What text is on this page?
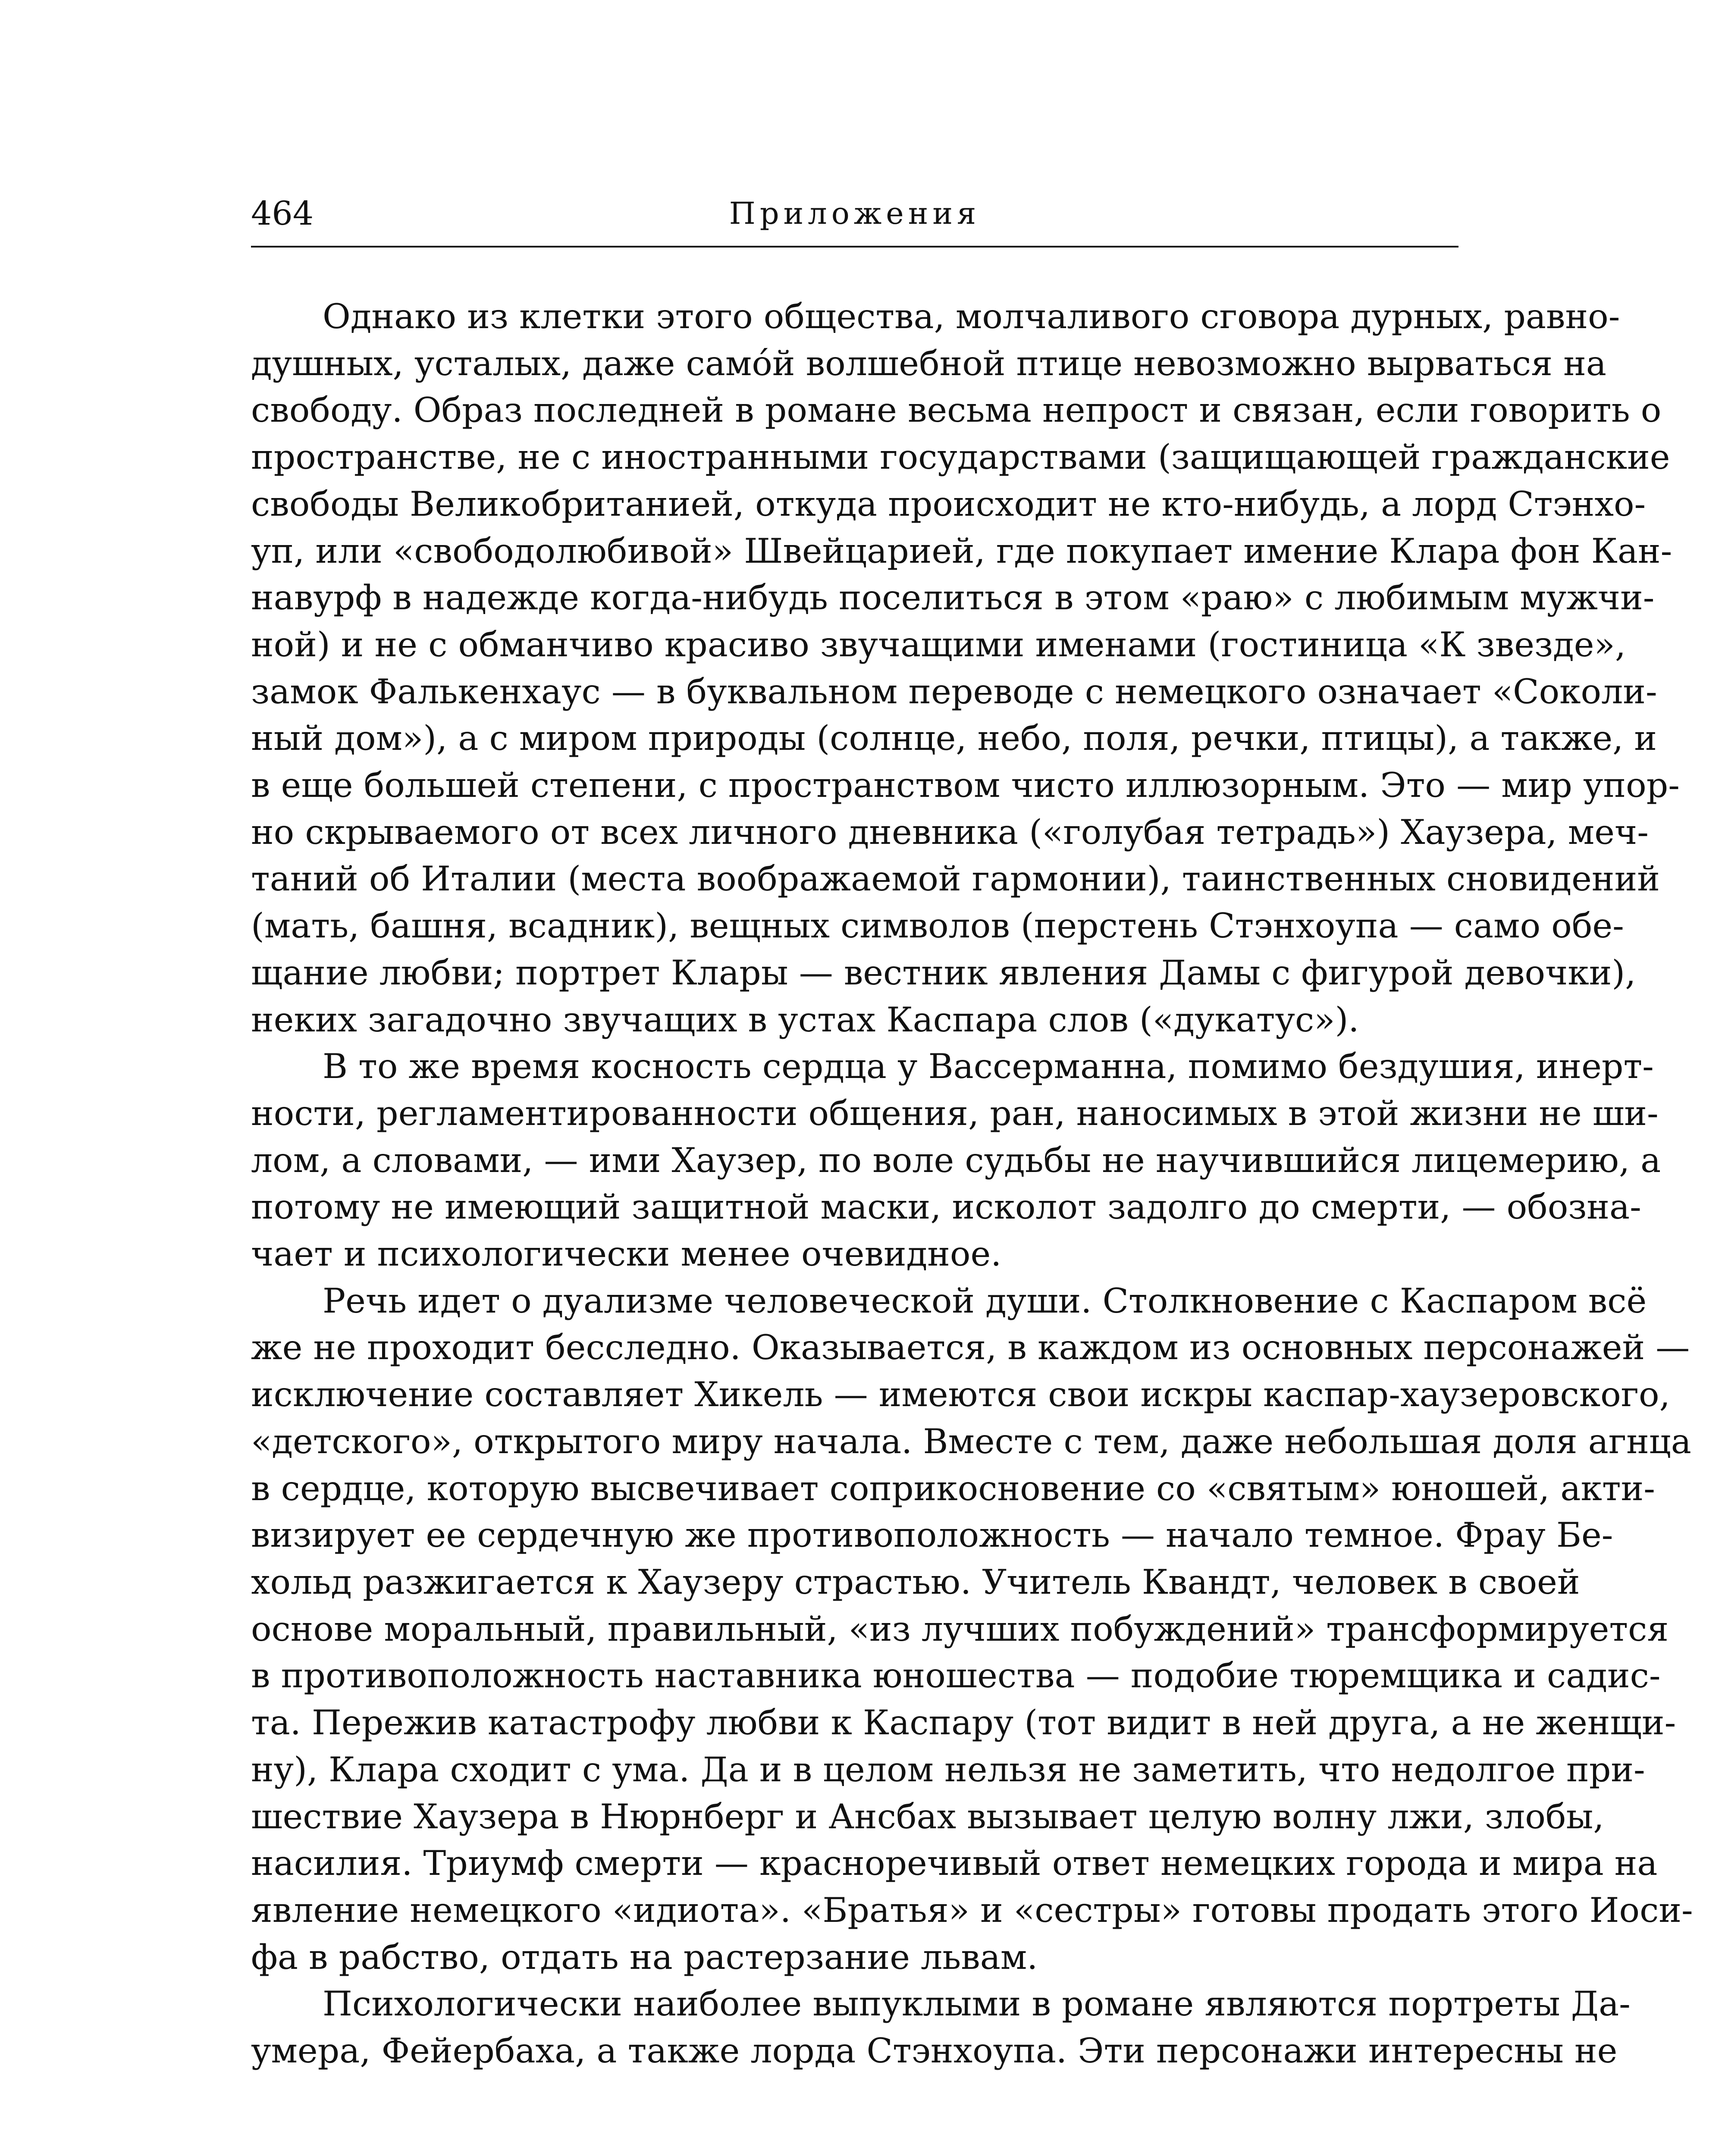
464	Приложения
Однако из клетки этого общества, молчаливого сговора дурных, равно-
душных, усталых, даже самóй волшебной птице невозможно вырваться на
свободу. Образ последней в романе весьма непрост и связан, если говорить о
пространстве, не с иностранными государствами (защищающей гражданские
свободы Великобританией, откуда происходит не кто-нибудь, а лорд Стэнхо-
уп, или «свободолюбивой» Швейцарией, где покупает имение Клара фон Кан-
навурф в надежде когда-нибудь поселиться в этом «раю» с любимым мужчи-
ной) и не с обманчиво красиво звучащими именами (гостиница «К звезде»,
замок Фалькенхаус — в буквальном переводе с немецкого означает «Соколи-
ный дом»), а с миром природы (солнце, небо, поля, речки, птицы), а также, и
в еще большей степени, с пространством чисто иллюзорным. Это — мир упор-
но скрываемого от всех личного дневника («голубая тетрадь») Хаузера, меч-
таний об Италии (места воображаемой гармонии), таинственных сновидений
(мать, башня, всадник), вещных символов (перстень Стэнхоупа — само обе-
щание любви; портрет Клары — вестник явления Дамы с фигурой девочки),
неких загадочно звучащих в устах Каспара слов («дукатус»).
В то же время косность сердца у Вассерманна, помимо бездушия, инерт-
ности, регламентированности общения, ран, наносимых в этой жизни не ши-
лом, а словами, — ими Хаузер, по воле судьбы не научившийся лицемерию, а
потому не имеющий защитной маски, исколот задолго до смерти, — обозна-
чает и психологически менее очевидное.
Речь идет о дуализме человеческой души. Столкновение с Каспаром всё
же не проходит бесследно. Оказывается, в каждом из основных персонажей —
исключение составляет Хикель — имеются свои искры каспар-хаузеровского,
«детского», открытого миру начала. Вместе с тем, даже небольшая доля агнца
в сердце, которую высвечивает соприкосновение со «святым» юношей, акти-
визирует ее сердечную же противоположность — начало темное. Фрау Бе-
хольд разжигается к Хаузеру страстью. Учитель Квандт, человек в своей
основе моральный, правильный, «из лучших побуждений» трансформируется
в противоположность наставника юношества — подобие тюремщика и садис-
та. Пережив катастрофу любви к Каспару (тот видит в ней друга, а не женщи-
ну), Клара сходит с ума. Да и в целом нельзя не заметить, что недолгое при-
шествие Хаузера в Нюрнберг и Ансбах вызывает целую волну лжи, злобы,
насилия. Триумф смерти — красноречивый ответ немецких города и мира на
явление немецкого «идиота». «Братья» и «сестры» готовы продать этого Иоси-
фа в рабство, отдать на растерзание львам.
Психологически наиболее выпуклыми в романе являются портреты Да-
умера, Фейербаха, а также лорда Стэнхоупа. Эти персонажи интересны не
